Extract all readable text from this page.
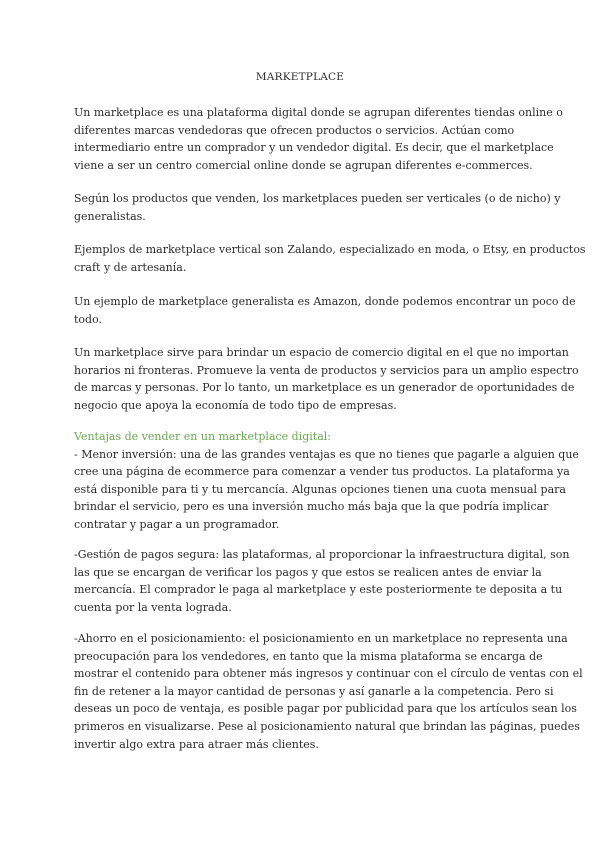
MARKETPLACE

Un marketplace es una plataforma digital donde se agrupan diferentes tiendas online o
diferentes marcas vendedoras que ofrecen productos o servicios. Actúan como
intermediario entre un comprador y un vendedor digital. Es decir, que el marketplace
viene a ser un centro comercial online donde se agrupan diferentes e-commerces.

Según los productos que venden, los marketplaces pueden ser verticales (o de nicho) y
generalistas.

Ejemplos de marketplace vertical son Zalando, especializado en moda, o Etsy, en productos
craft y de artesanía.

Un ejemplo de marketplace generalista es Amazon, donde podemos encontrar un poco de
todo.

Un marketplace sirve para brindar un espacio de comercio digital en el que no importan
horarios ni fronteras. Promueve la venta de productos y servicios para un amplio espectro
de marcas y personas. Por lo tanto, un marketplace es un generador de oportunidades de
negocio que apoya la economía de todo tipo de empresas.

Ventajas de vender en un marketplace digital:
- Menor inversión: una de las grandes ventajas es que no tienes que pagarle a alguien que
cree una página de ecommerce para comenzar a vender tus productos. La plataforma ya
está disponible para ti y tu mercancía. Algunas opciones tienen una cuota mensual para
brindar el servicio, pero es una inversión mucho más baja que la que podría implicar
contratar y pagar a un programador.

-Gestión de pagos segura: las plataformas, al proporcionar la infraestructura digital, son
las que se encargan de verificar los pagos y que estos se realicen antes de enviar la
mercancía. El comprador le paga al marketplace y este posteriormente te deposita a tu
cuenta por la venta lograda.

-Ahorro en el posicionamiento: el posicionamiento en un marketplace no representa una
preocupación para los vendedores, en tanto que la misma plataforma se encarga de
mostrar el contenido para obtener más ingresos y continuar con el círculo de ventas con el
fin de retener a la mayor cantidad de personas y así ganarle a la competencia. Pero si
deseas un poco de ventaja, es posible pagar por publicidad para que los artículos sean los
primeros en visualizarse. Pese al posicionamiento natural que brindan las páginas, puedes
invertir algo extra para atraer más clientes.
